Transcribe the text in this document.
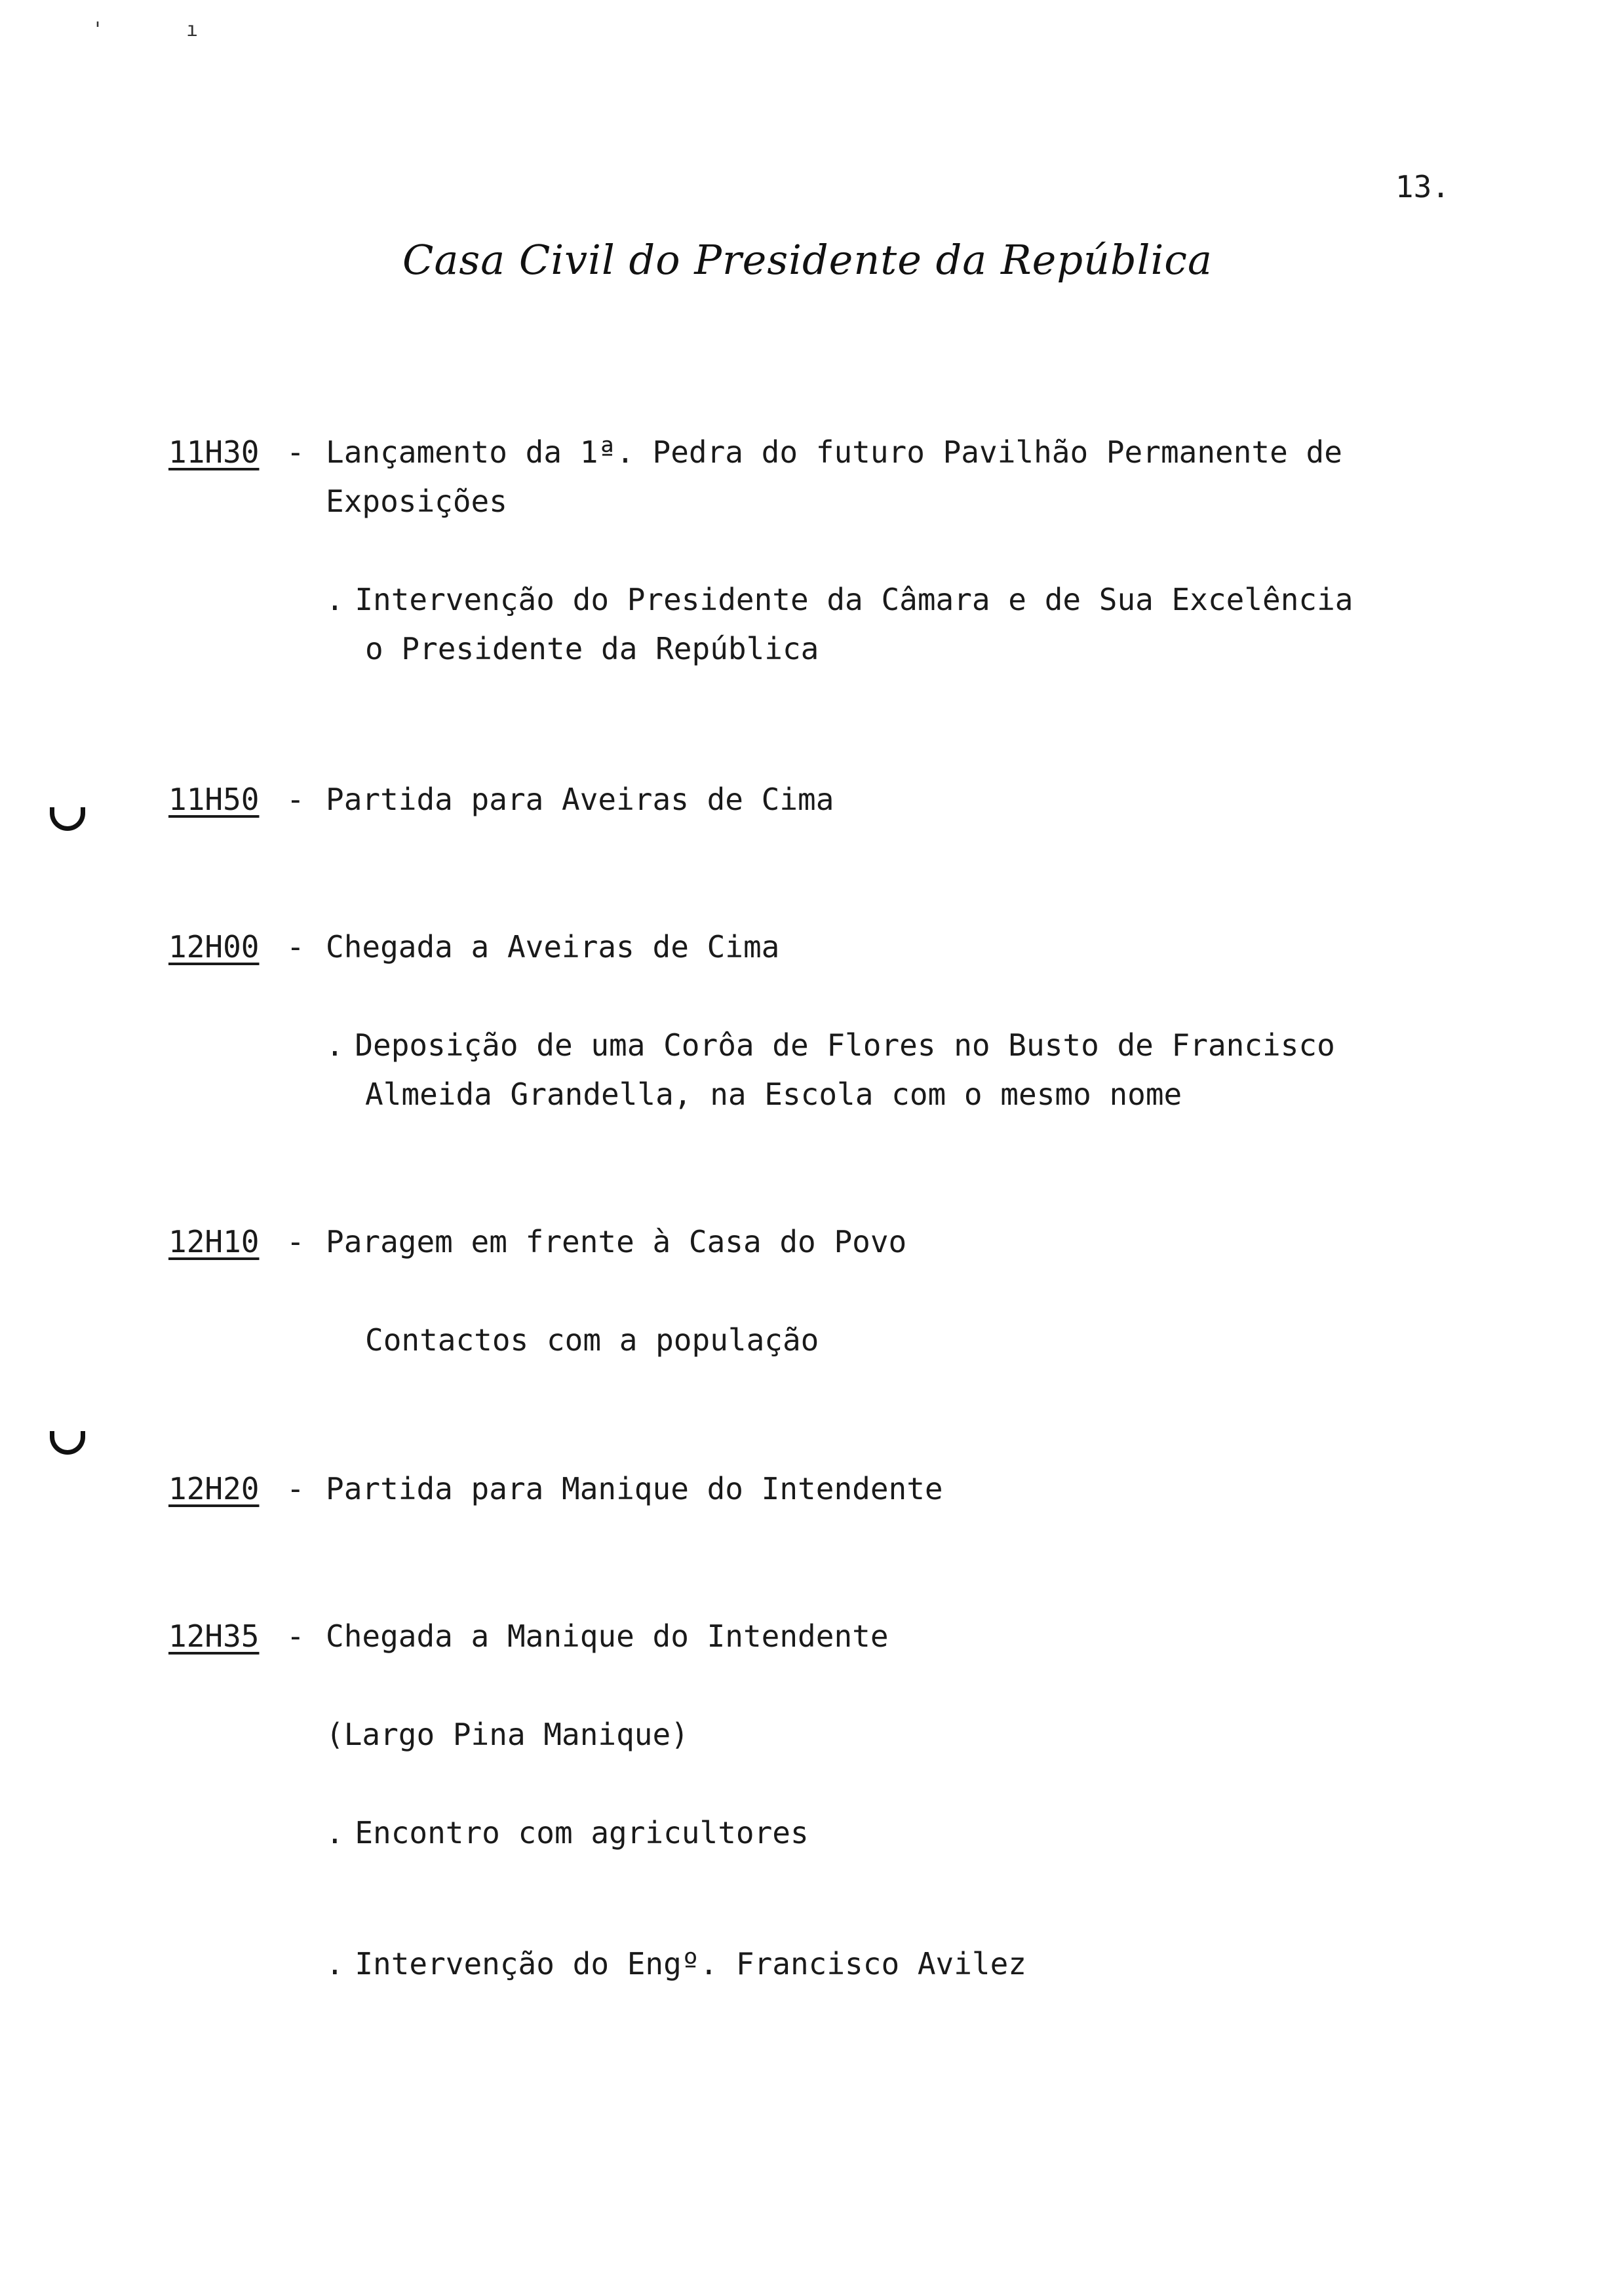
'	ı
13.
Casa Civil do Presidente da República
11H30 - Lançamento da 1ª. Pedra do futuro Pavilhão Permanente de
Exposições
. Intervenção do Presidente da Câmara e de Sua Excelência
o Presidente da República
11H50 - Partida para Aveiras de Cima
12H00 - Chegada a Aveiras de Cima
. Deposição de uma Corôa de Flores no Busto de Francisco
Almeida Grandella, na Escola com o mesmo nome
12H10 - Paragem em frente à Casa do Povo
Contactos com a população
12H20 - Partida para Manique do Intendente
12H35 - Chegada a Manique do Intendente
(Largo Pina Manique)
. Encontro com agricultores
. Intervenção do Engº. Francisco Avilez
